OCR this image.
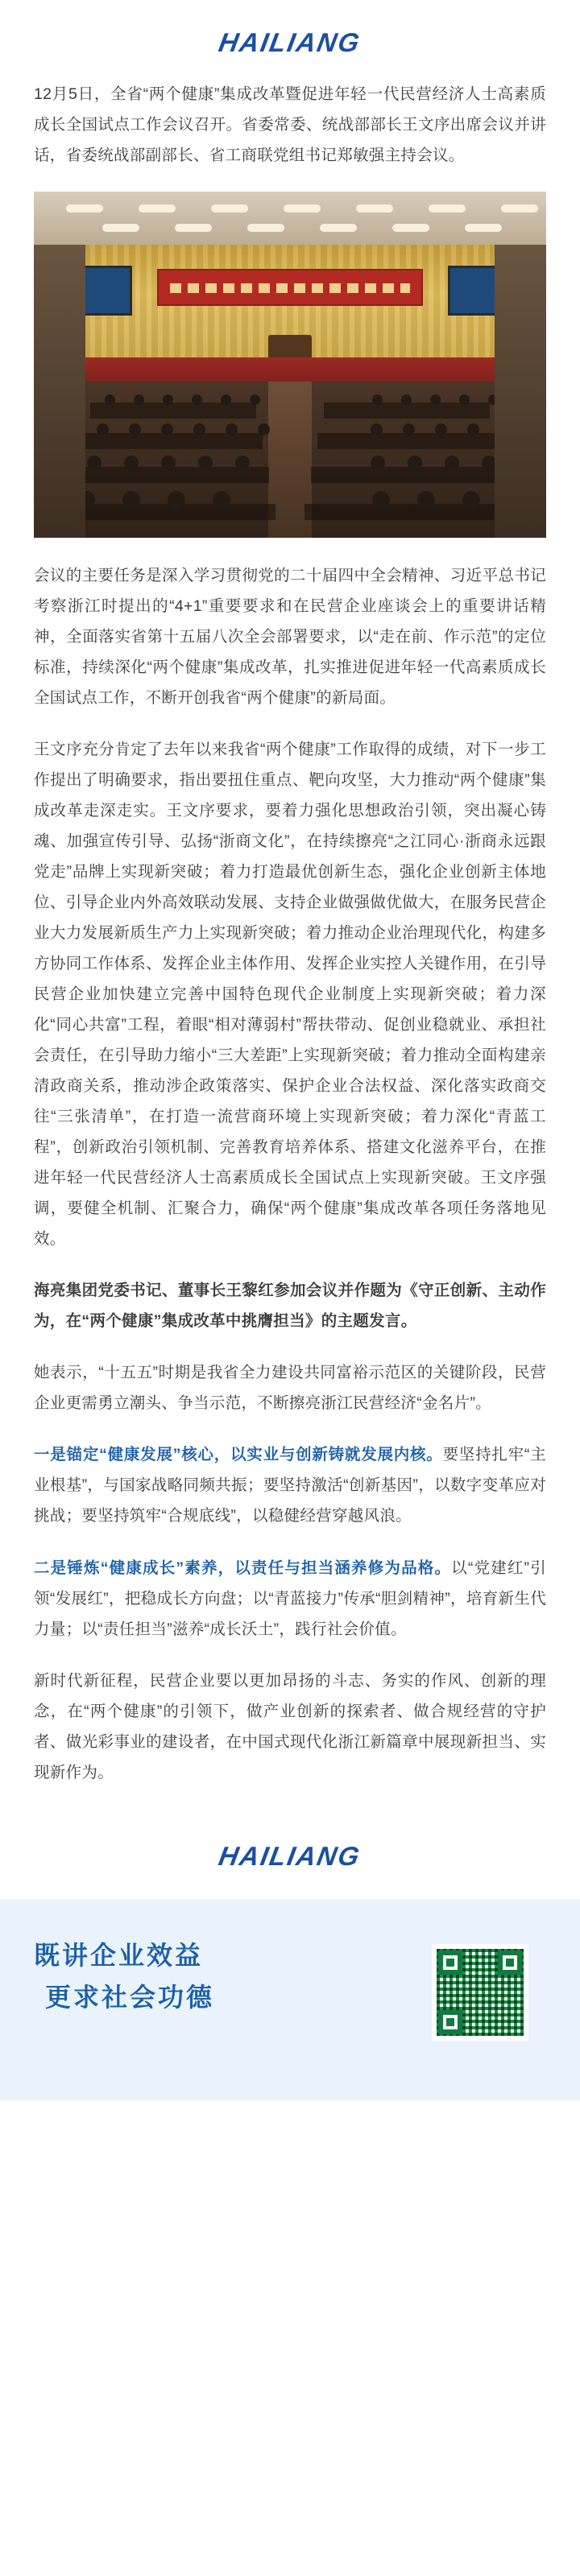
HAILIANG

12月5日，全省“两个健康”集成改革暨促进年轻一代民营经济人士高素质成长全国试点工作会议召开。省委常委、统战部部长王文序出席会议并讲话，省委统战部副部长、省工商联党组书记郑敏强主持会议。

会议的主要任务是深入学习贯彻党的二十届四中全会精神、习近平总书记考察浙江时提出的“4+1”重要要求和在民营企业座谈会上的重要讲话精神，全面落实省第十五届八次全会部署要求，以“走在前、作示范”的定位标准，持续深化“两个健康”集成改革，扎实推进促进年轻一代高素质成长全国试点工作，不断开创我省“两个健康”的新局面。

王文序充分肯定了去年以来我省“两个健康”工作取得的成绩，对下一步工作提出了明确要求，指出要扭住重点、靶向攻坚，大力推动“两个健康”集成改革走深走实。王文序要求，要着力强化思想政治引领，突出凝心铸魂、加强宣传引导、弘扬“浙商文化”，在持续擦亮“之江同心·浙商永远跟党走”品牌上实现新突破；着力打造最优创新生态，强化企业创新主体地位、引导企业内外高效联动发展、支持企业做强做优做大，在服务民营企业大力发展新质生产力上实现新突破；着力推动企业治理现代化，构建多方协同工作体系、发挥企业主体作用、发挥企业实控人关键作用，在引导民营企业加快建立完善中国特色现代企业制度上实现新突破；着力深化“同心共富”工程，着眼“相对薄弱村”帮扶带动、促创业稳就业、承担社会责任，在引导助力缩小“三大差距”上实现新突破；着力推动全面构建亲清政商关系，推动涉企政策落实、保护企业合法权益、深化落实政商交往“三张清单”，在打造一流营商环境上实现新突破；着力深化“青蓝工程”，创新政治引领机制、完善教育培养体系、搭建文化滋养平台，在推进年轻一代民营经济人士高素质成长全国试点上实现新突破。王文序强调，要健全机制、汇聚合力，确保“两个健康”集成改革各项任务落地见效。

海亮集团党委书记、董事长王黎红参加会议并作题为《守正创新、主动作为，在“两个健康”集成改革中挑膺担当》的主题发言。

她表示，“十五五”时期是我省全力建设共同富裕示范区的关键阶段，民营企业更需勇立潮头、争当示范，不断擦亮浙江民营经济“金名片”。

一是锚定“健康发展”核心，以实业与创新铸就发展内核。要坚持扎牢“主业根基”，与国家战略同频共振；要坚持激活“创新基因”，以数字变革应对挑战；要坚持筑牢“合规底线”，以稳健经营穿越风浪。

二是锤炼“健康成长”素养，以责任与担当涵养修为品格。以“党建红”引领“发展红”，把稳成长方向盘；以“青蓝接力”传承“胆剑精神”，培育新生代力量；以“责任担当”滋养“成长沃土”，践行社会价值。

新时代新征程，民营企业要以更加昂扬的斗志、务实的作风、创新的理念，在“两个健康”的引领下，做产业创新的探索者、做合规经营的守护者、做光彩事业的建设者，在中国式现代化浙江新篇章中展现新担当、实现新作为。

HAILIANG
既讲企业效益
更求社会功德
